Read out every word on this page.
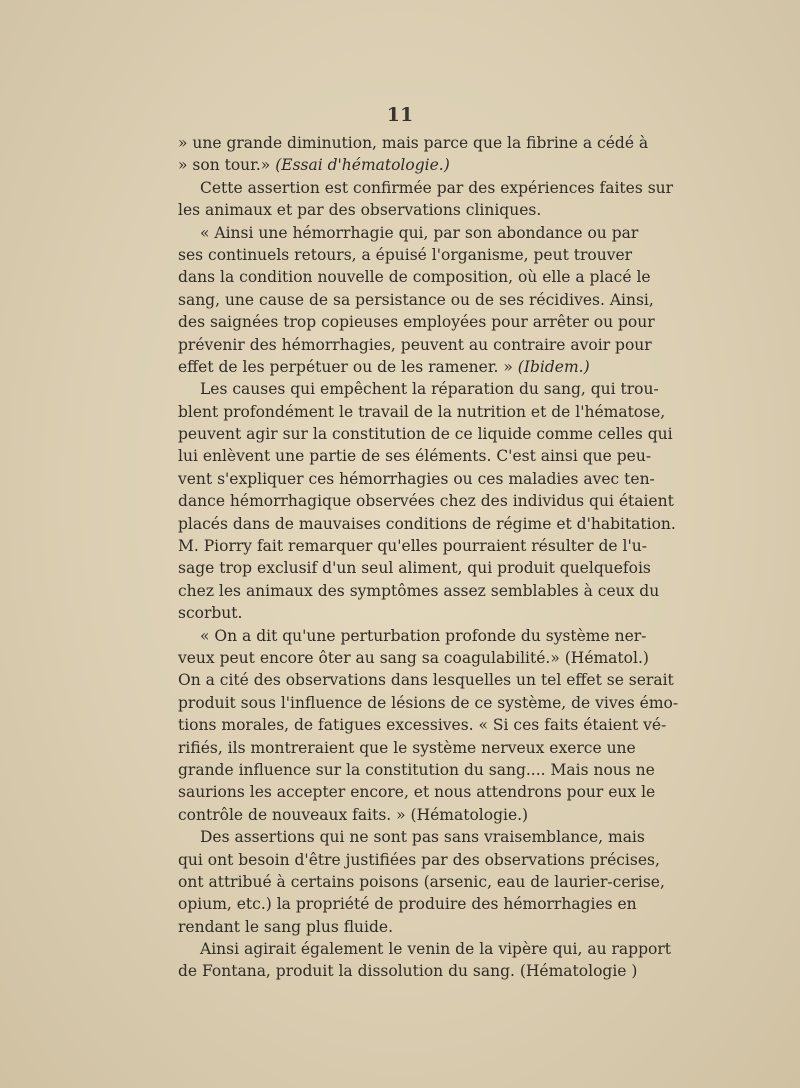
11
» une grande diminution, mais parce que la fibrine a cédé à
» son tour.» (Essai d'hématologie.)
Cette assertion est confirmée par des expériences faites sur
les animaux et par des observations cliniques.
« Ainsi une hémorrhagie qui, par son abondance ou par
ses continuels retours, a épuisé l'organisme, peut trouver
dans la condition nouvelle de composition, où elle a placé le
sang, une cause de sa persistance ou de ses récidives. Ainsi,
des saignées trop copieuses employées pour arrêter ou pour
prévenir des hémorrhagies, peuvent au contraire avoir pour
effet de les perpétuer ou de les ramener. » (Ibidem.)
Les causes qui empêchent la réparation du sang, qui trou-
blent profondément le travail de la nutrition et de l'hématose,
peuvent agir sur la constitution de ce liquide comme celles qui
lui enlèvent une partie de ses éléments. C'est ainsi que peu-
vent s'expliquer ces hémorrhagies ou ces maladies avec ten-
dance hémorrhagique observées chez des individus qui étaient
placés dans de mauvaises conditions de régime et d'habitation.
M. Piorry fait remarquer qu'elles pourraient résulter de l'u-
sage trop exclusif d'un seul aliment, qui produit quelquefois
chez les animaux des symptômes assez semblables à ceux du
scorbut.
« On a dit qu'une perturbation profonde du système ner-
veux peut encore ôter au sang sa coagulabilité.» (Hématol.)
On a cité des observations dans lesquelles un tel effet se serait
produit sous l'influence de lésions de ce système, de vives émo-
tions morales, de fatigues excessives. « Si ces faits étaient vé-
rifiés, ils montreraient que le système nerveux exerce une
grande influence sur la constitution du sang.... Mais nous ne
saurions les accepter encore, et nous attendrons pour eux le
contrôle de nouveaux faits. » (Hématologie.)
Des assertions qui ne sont pas sans vraisemblance, mais
qui ont besoin d'être justifiées par des observations précises,
ont attribué à certains poisons (arsenic, eau de laurier-cerise,
opium, etc.) la propriété de produire des hémorrhagies en
rendant le sang plus fluide.
Ainsi agirait également le venin de la vipère qui, au rapport
de Fontana, produit la dissolution du sang. (Hématologie )
